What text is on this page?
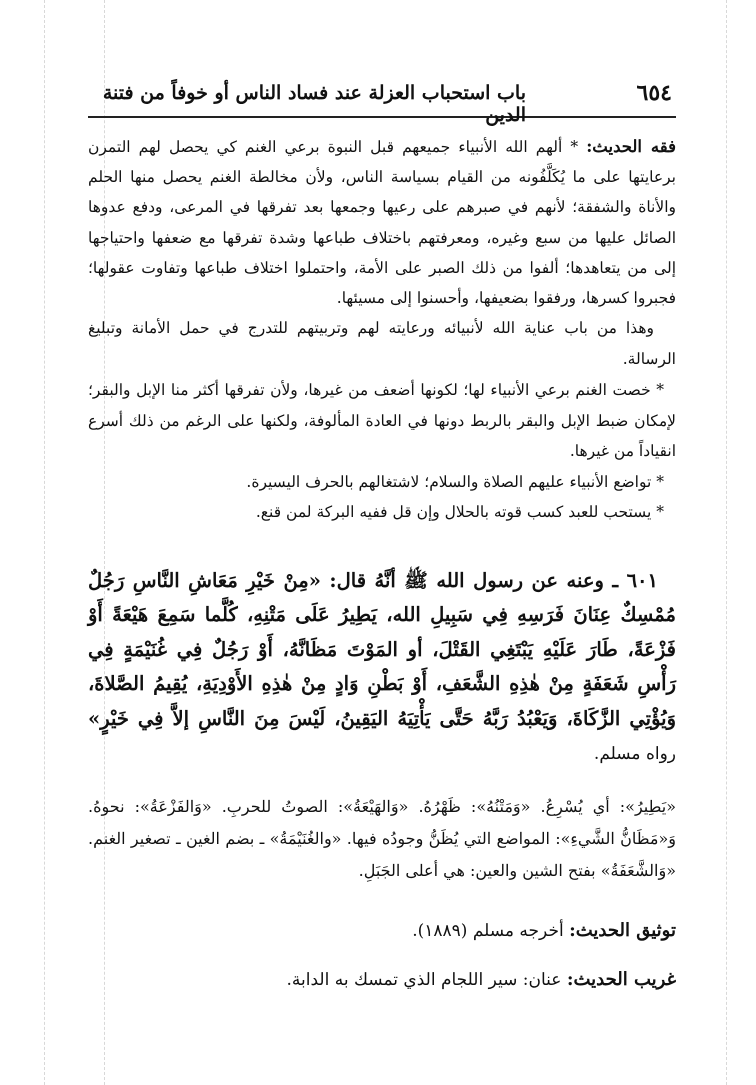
٦٥٤
باب استحباب العزلة عند فساد الناس أو خوفاً من فتنة الدين

فقه الحديث: * ألهم الله الأنبياء جميعهم قبل النبوة برعي الغنم كي يحصل لهم التمرن برعايتها على ما يُكَلَّفُونه من القيام بسياسة الناس، ولأن مخالطة الغنم يحصل منها الحلم والأناة والشفقة؛ لأنهم في صبرهم على رعيها وجمعها بعد تفرقها في المرعى، ودفع عدوها الصائل عليها من سبع وغيره، ومعرفتهم باختلاف طباعها وشدة تفرقها مع ضعفها واحتياجها إلى من يتعاهدها؛ ألفوا من ذلك الصبر على الأمة، واحتملوا اختلاف طباعها وتفاوت عقولها؛ فجبروا كسرها، ورفقوا بضعيفها، وأحسنوا إلى مسيئها.

وهذا من باب عناية الله لأنبيائه ورعايته لهم وتربيتهم للتدرج في حمل الأمانة وتبليغ الرسالة.

* خصت الغنم برعي الأنبياء لها؛ لكونها أضعف من غيرها، ولأن تفرقها أكثر منا الإبل والبقر؛ لإمكان ضبط الإبل والبقر بالربط دونها في العادة المألوفة، ولكنها على الرغم من ذلك أسرع انقياداً من غيرها.

* تواضع الأنبياء عليهم الصلاة والسلام؛ لاشتغالهم بالحرف اليسيرة.

* يستحب للعبد كسب قوته بالحلال وإن قل ففيه البركة لمن قنع.

٦٠١ ـ وعنه عن رسول الله ﷺ أنَّهُ قال: «مِنْ خَيْرِ مَعَاشِ النَّاسِ رَجُلٌ مُمْسِكٌ عِنَانَ فَرَسِهِ فِي سَبِيلِ الله، يَطِيرُ عَلَى مَتْنِهِ، كُلَّما سَمِعَ هَيْعَةً أَوْ فَزْعَةً، طَارَ عَلَيْهِ يَبْتَغِي القَتْلَ، أو المَوْتَ مَظَانَّهُ، أَوْ رَجُلٌ فِي غُنَيْمَةٍ فِي رَأْسِ شَعَفَةٍ مِنْ هٰذِهِ الشَّعَفِ، أَوْ بَطْنِ وَادٍ مِنْ هٰذِهِ الأَوْدِيَةِ، يُقِيمُ الصَّلاةَ، وَيُؤْتِي الزَّكَاةَ، وَيَعْبُدُ رَبَّهُ حَتَّى يَأْتِيَهُ اليَقِينُ، لَيْسَ مِنَ النَّاسِ إلاَّ فِي خَيْرٍ» رواه مسلم.

«يَطِيرُ»: أي يُسْرِعُ. «وَمَتْنُهُ»: ظَهْرُهُ. «وَالهَيْعَةُ»: الصوتُ للحربِ. «وَالفَزْعَةُ»: نحوهُ. وَ«مَظَانُّ الشَّيءِ»: المواضع التي يُظَنُّ وجودُه فيها. «والغُنَيْمَةُ» ـ بضم الغين ـ تصغير الغنم. «وَالشَّعَفَةُ» بفتح الشين والعين: هي أعلى الجَبَلِ.

توثيق الحديث: أخرجه مسلم (١٨٨٩).

غريب الحديث: عنان: سير اللجام الذي تمسك به الدابة.
